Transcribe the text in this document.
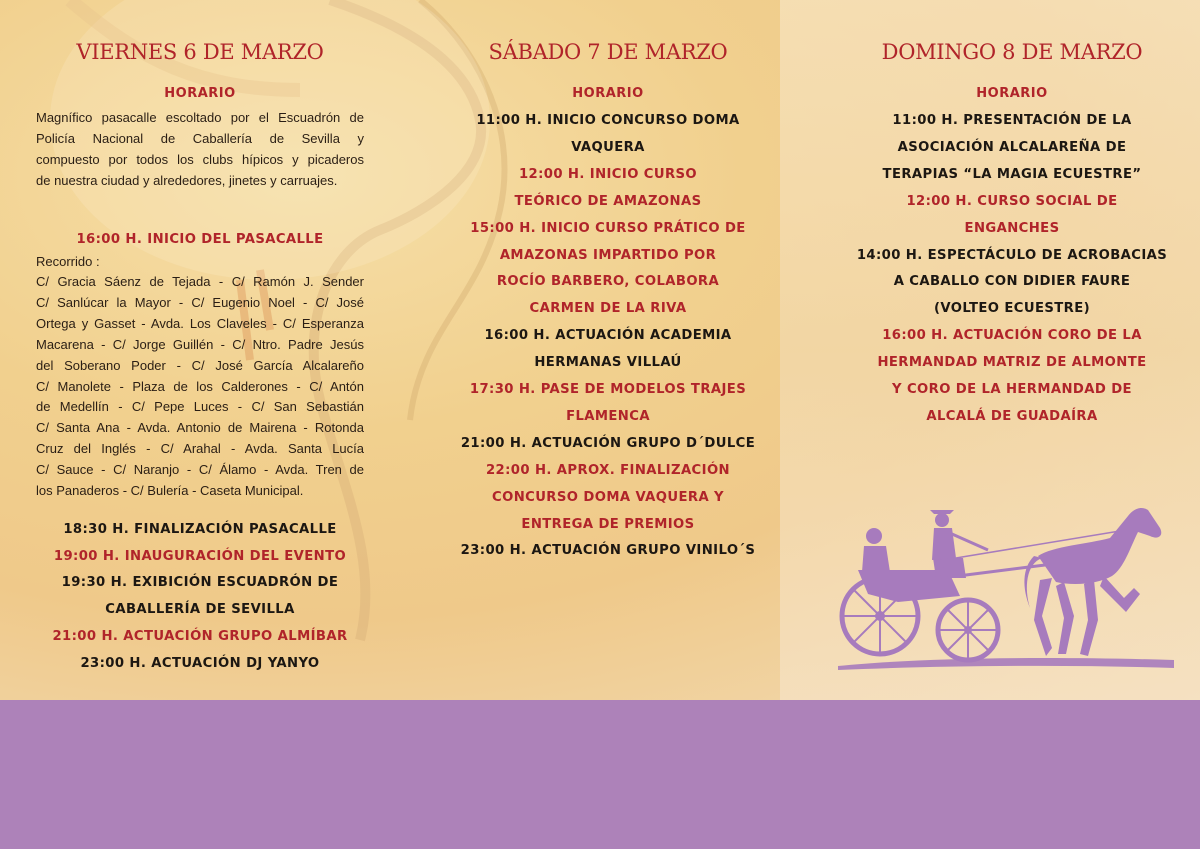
VIERNES 6 DE MARZO
HORARIO
Magnífico pasacalle escoltado por el Escuadrón de
Policía Nacional de Caballería de Sevilla y
compuesto por todos los clubs hípicos y picaderos
de nuestra ciudad y alrededores, jinetes y carruajes.
16:00 H. INICIO DEL PASACALLE
Recorrido :
C/ Gracia Sáenz de Tejada - C/ Ramón J. Sender
C/ Sanlúcar la Mayor - C/ Eugenio Noel - C/ José
Ortega y Gasset - Avda. Los Claveles - C/ Esperanza
Macarena - C/ Jorge Guillén - C/ Ntro. Padre Jesús
del Soberano Poder - C/ José García Alcalareño
C/ Manolete - Plaza de los Calderones - C/ Antón
de Medellín - C/ Pepe Luces - C/ San Sebastián
C/ Santa Ana - Avda. Antonio de Mairena - Rotonda
Cruz del Inglés - C/ Arahal - Avda. Santa Lucía
C/ Sauce - C/ Naranjo - C/ Álamo - Avda. Tren de
los Panaderos - C/ Bulería - Caseta Municipal.
18:30 H. FINALIZACIÓN PASACALLE
19:00 H. INAUGURACIÓN DEL EVENTO
19:30 H. EXIBICIÓN ESCUADRÓN DE
CABALLERÍA DE SEVILLA
21:00 H. ACTUACIÓN GRUPO ALMÍBAR
23:00 H. ACTUACIÓN DJ YANYO
SÁBADO 7 DE MARZO
HORARIO
11:00 H. INICIO CONCURSO DOMA
VAQUERA
12:00 H. INICIO CURSO
TEÓRICO DE AMAZONAS
15:00 H. INICIO CURSO PRÁTICO DE
AMAZONAS IMPARTIDO POR
ROCÍO BARBERO, COLABORA
CARMEN DE LA RIVA
16:00 H. ACTUACIÓN ACADEMIA
HERMANAS VILLAÚ
17:30 H. PASE DE MODELOS TRAJES
FLAMENCA
21:00 H. ACTUACIÓN GRUPO D´DULCE
22:00 H. APROX. FINALIZACIÓN
CONCURSO DOMA VAQUERA Y
ENTREGA DE PREMIOS
23:00 H. ACTUACIÓN GRUPO VINILO´S
DOMINGO 8 DE MARZO
HORARIO
11:00 H. PRESENTACIÓN DE LA
ASOCIACIÓN ALCALAREÑA DE
TERAPIAS “LA MAGIA ECUESTRE”
12:00 H. CURSO SOCIAL DE
ENGANCHES
14:00 H. ESPECTÁCULO DE ACROBACIAS
A CABALLO CON DIDIER FAURE
(VOLTEO ECUESTRE)
16:00 H. ACTUACIÓN CORO DE LA
HERMANDAD MATRIZ DE ALMONTE
Y CORO DE LA HERMANDAD DE
ALCALÁ DE GUADAÍRA
